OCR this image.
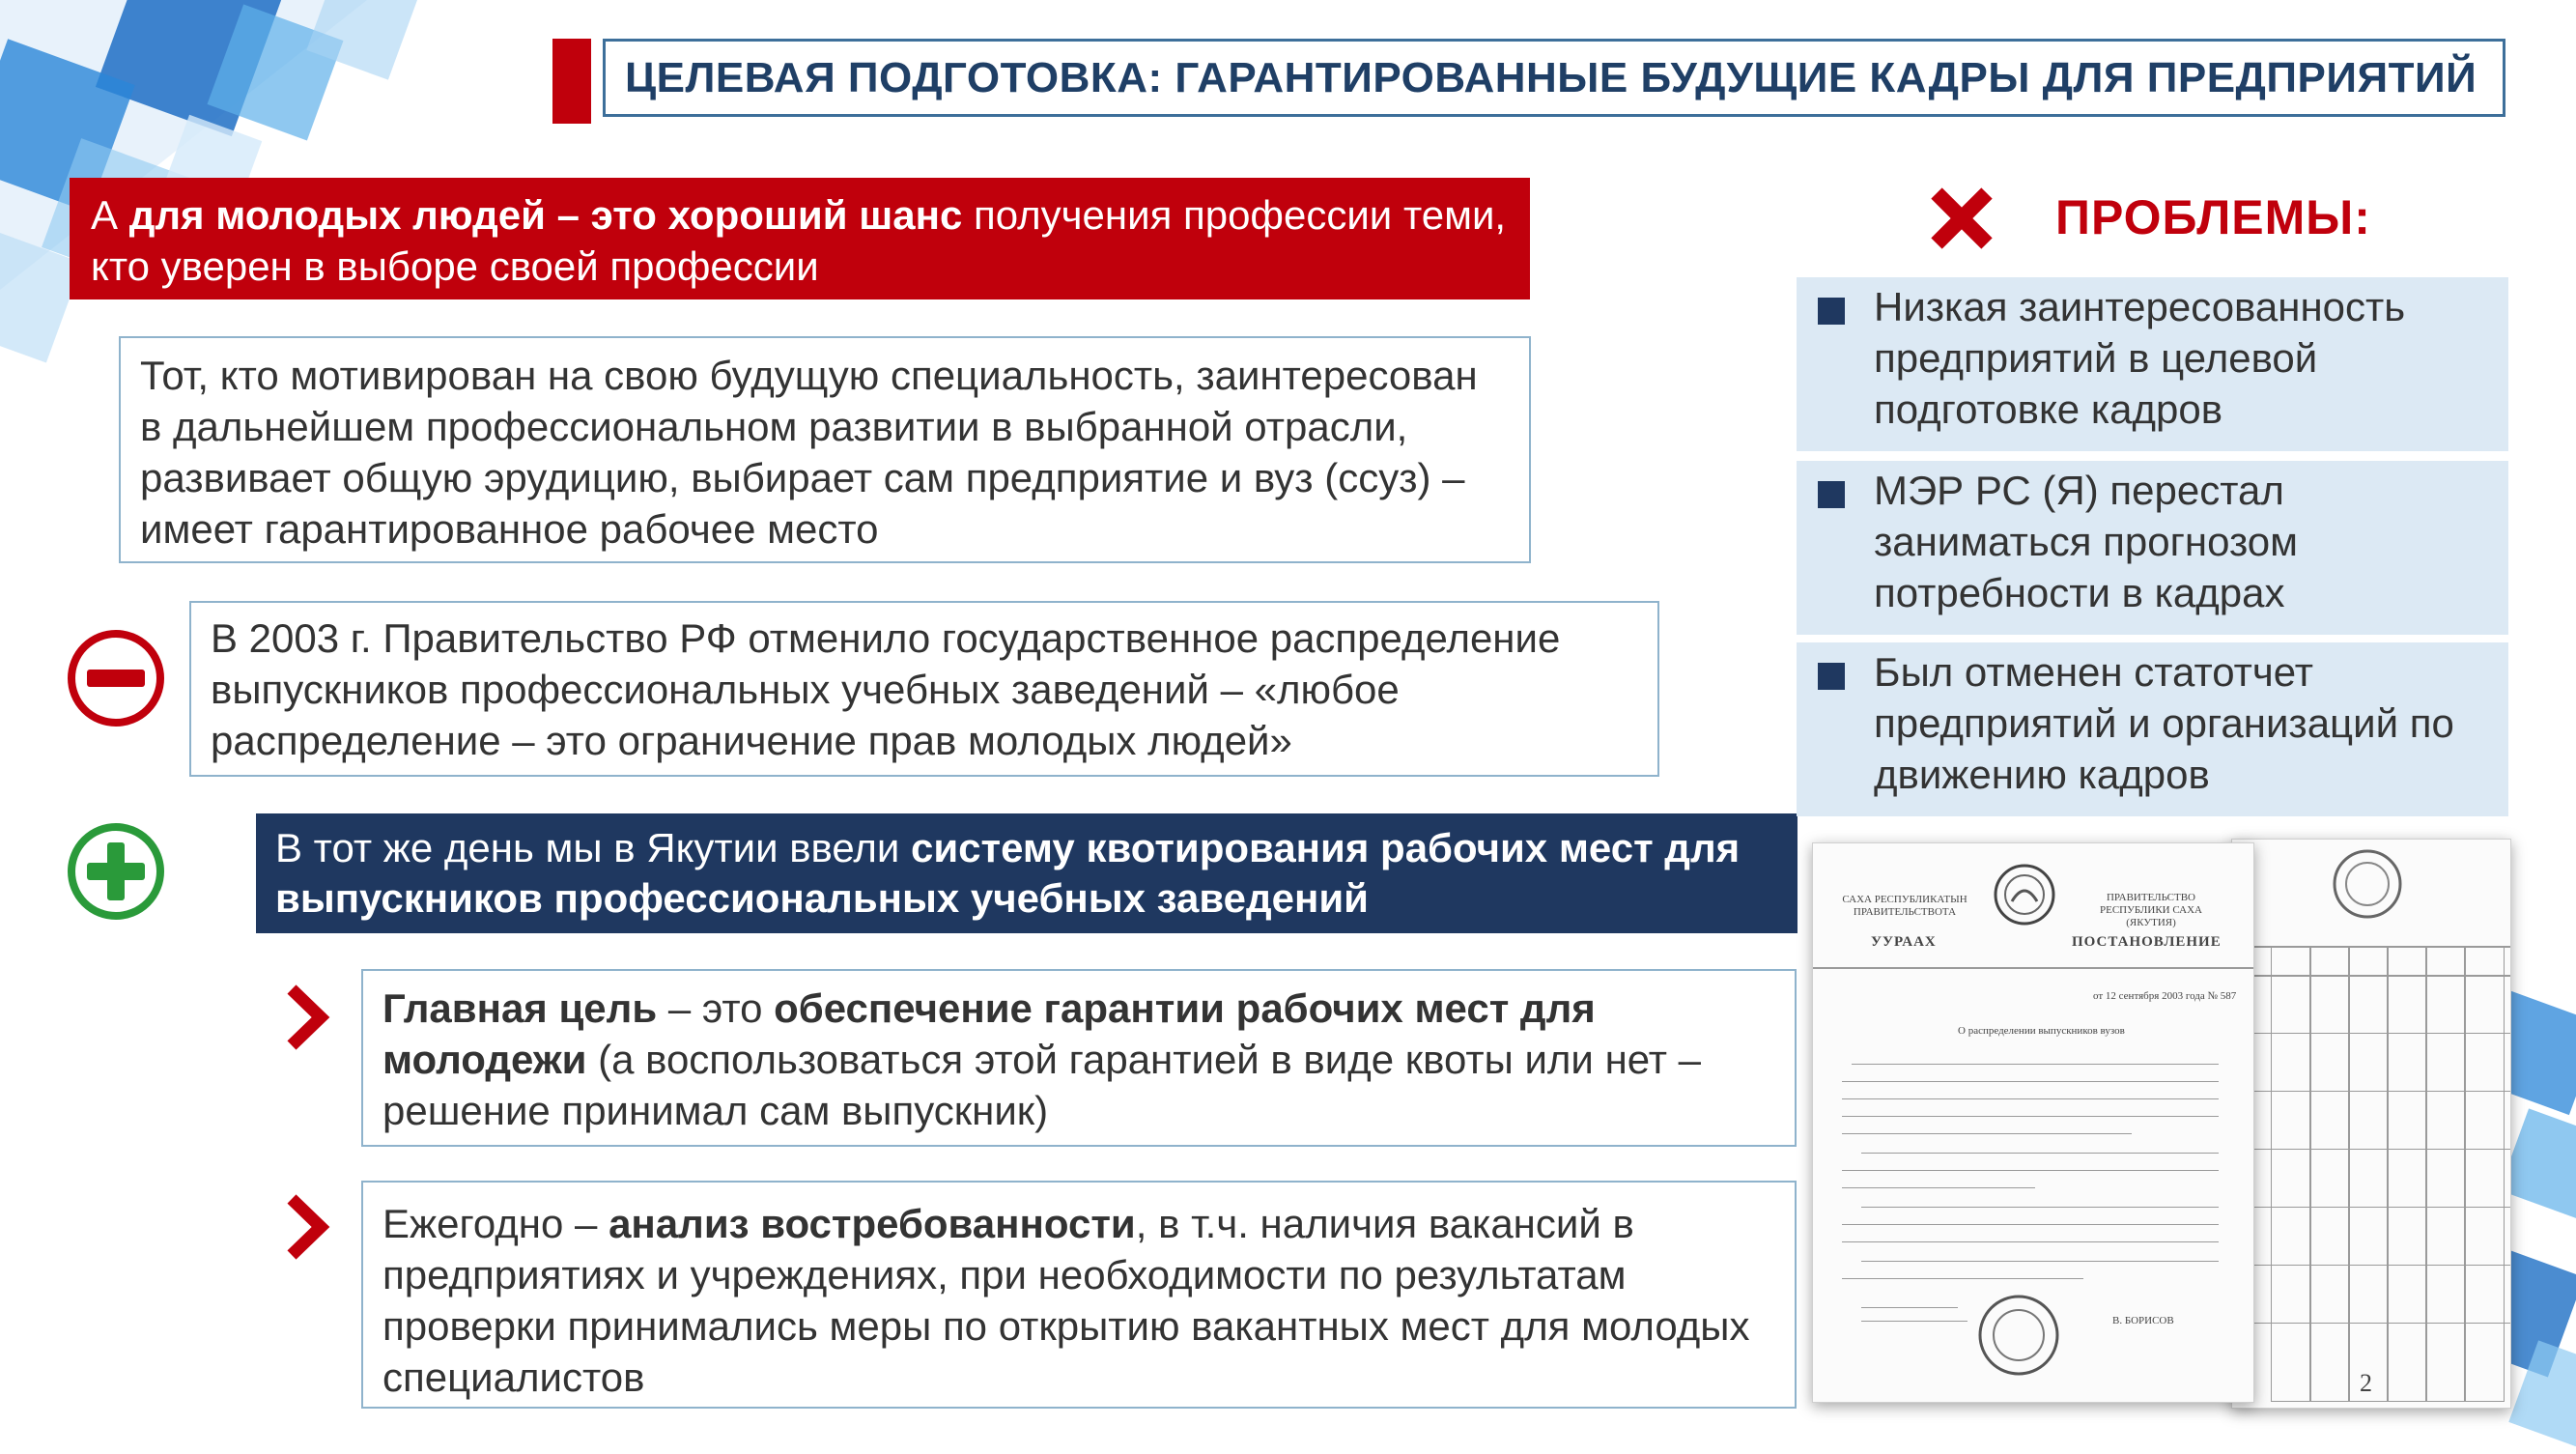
ЦЕЛЕВАЯ ПОДГОТОВКА: ГАРАНТИРОВАННЫЕ БУДУЩИЕ КАДРЫ ДЛЯ ПРЕДПРИЯТИЙ
А для молодых людей – это хороший шанс получения профессии теми, кто уверен в выборе своей профессии
Тот, кто мотивирован на свою будущую специальность, заинтересован в дальнейшем профессиональном развитии в выбранной отрасли, развивает общую эрудицию, выбирает сам предприятие и вуз (ссуз) – имеет гарантированное рабочее место
В 2003 г. Правительство РФ отменило государственное распределение выпускников профессиональных учебных заведений – «любое распределение – это ограничение прав молодых людей»
В тот же день мы в Якутии ввели систему квотирования рабочих мест для выпускников профессиональных учебных заведений
Главная цель – это обеспечение гарантии рабочих мест для молодежи (а воспользоваться этой гарантией в виде квоты или нет – решение принимал сам выпускник)
Ежегодно – анализ востребованности, в т.ч. наличия вакансий в предприятиях и учреждениях, при необходимости по результатам проверки принимались меры по открытию вакантных мест для молодых специалистов
ПРОБЛЕМЫ:
Низкая заинтересованность предприятий в целевой подготовке кадров
МЭР РС (Я) перестал заниматься прогнозом потребности в кадрах
Был отменен статотчет предприятий и организаций по движению кадров
2
САХА РЕСПУБЛИКАТЫН ПРАВИТЕЛЬСТВОТА
ПРАВИТЕЛЬСТВО РЕСПУБЛИКИ САХА (ЯКУТИЯ)
УУРААХ	ПОСТАНОВЛЕНИЕ
от 12 сентября 2003 года № 587
О распределении выпускников вузов
В. БОРИСОВ
